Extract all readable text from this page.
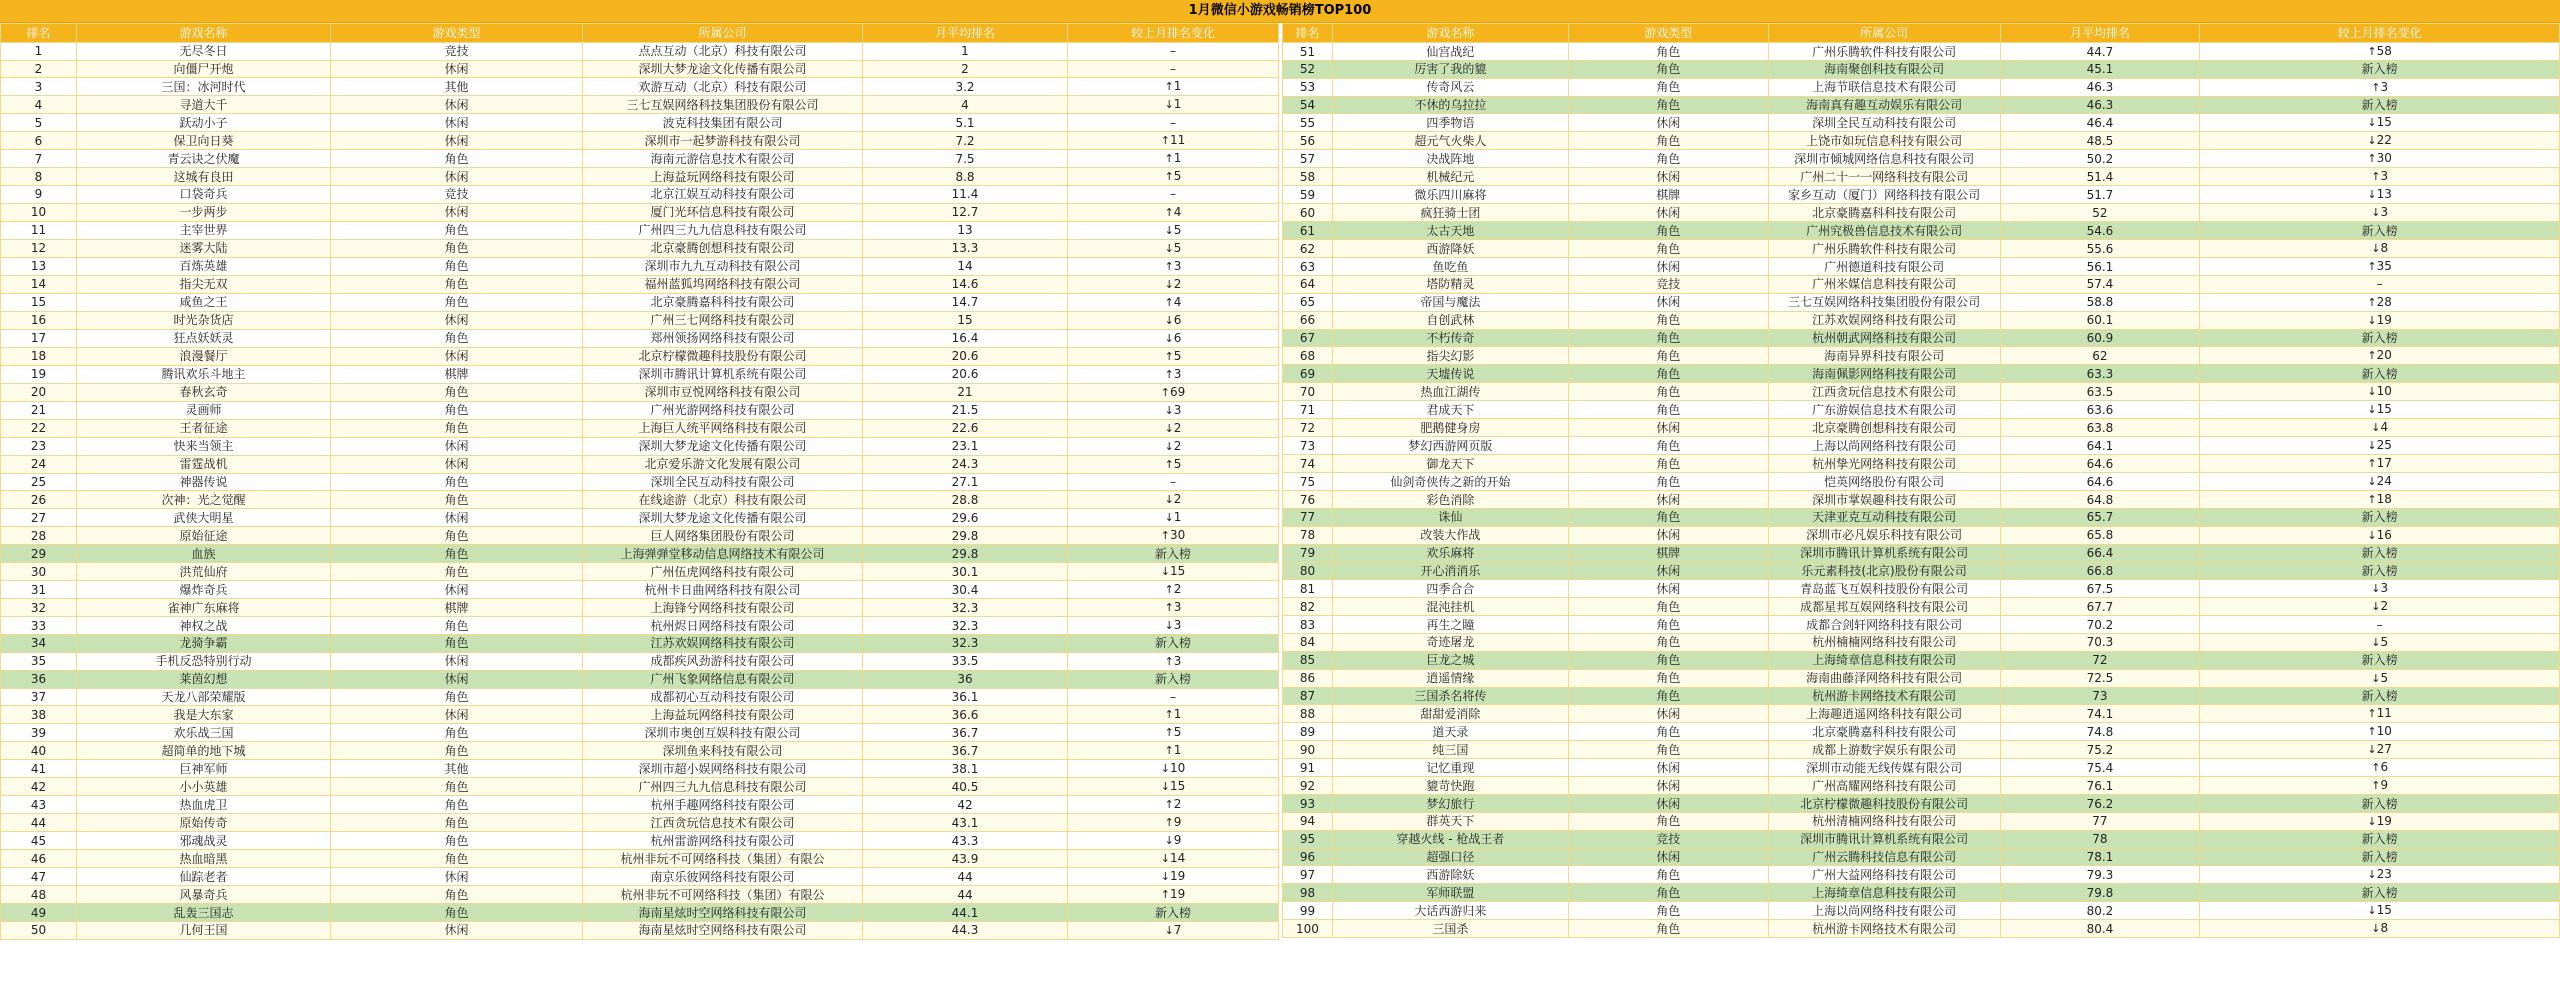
1月微信小游戏畅销榜TOP100
排名	游戏名称	游戏类型	所属公司	月平均排名	较上月排名变化
1	无尽冬日	竞技	点点互动（北京）科技有限公司	1	–
2	向僵尸开炮	休闲	深圳大梦龙途文化传播有限公司	2	–
3	三国：冰河时代	其他	欢游互动（北京）科技有限公司	3.2	↑1
4	寻道大千	休闲	三七互娱网络科技集团股份有限公司	4	↓1
5	跃动小子	休闲	波克科技集团有限公司	5.1	–
6	保卫向日葵	休闲	深圳市一起梦游科技有限公司	7.2	↑11
7	青云诀之伏魔	角色	海南元游信息技术有限公司	7.5	↑1
8	这城有良田	休闲	上海益玩网络科技有限公司	8.8	↑5
9	口袋奇兵	竞技	北京江娱互动科技有限公司	11.4	–
10	一步两步	休闲	厦门光环信息科技有限公司	12.7	↑4
11	主宰世界	角色	广州四三九九信息科技有限公司	13	↓5
12	迷雾大陆	角色	北京豪腾创想科技有限公司	13.3	↓5
13	百炼英雄	角色	深圳市九九互动科技有限公司	14	↑3
14	指尖无双	角色	福州蓝狐坞网络科技有限公司	14.6	↓2
15	咸鱼之王	角色	北京豪腾嘉科科技有限公司	14.7	↑4
16	时光杂货店	休闲	广州三七网络科技有限公司	15	↓6
17	狂点妖妖灵	角色	郑州领扬网络科技有限公司	16.4	↓6
18	浪漫餐厅	休闲	北京柠檬微趣科技股份有限公司	20.6	↑5
19	腾讯欢乐斗地主	棋牌	深圳市腾讯计算机系统有限公司	20.6	↑3
20	春秋玄奇	角色	深圳市豆悦网络科技有限公司	21	↑69
21	灵画师	角色	广州光游网络科技有限公司	21.5	↓3
22	王者征途	角色	上海巨人统平网络科技有限公司	22.6	↓2
23	快来当领主	休闲	深圳大梦龙途文化传播有限公司	23.1	↓2
24	雷霆战机	休闲	北京爱乐游文化发展有限公司	24.3	↑5
25	神器传说	角色	深圳全民互动科技有限公司	27.1	–
26	次神：光之觉醒	角色	在线途游（北京）科技有限公司	28.8	↓2
27	武侠大明星	休闲	深圳大梦龙途文化传播有限公司	29.6	↓1
28	原始征途	角色	巨人网络集团股份有限公司	29.8	↑30
29	血族	角色	上海弹弹堂移动信息网络技术有限公司	29.8	新入榜
30	洪荒仙府	角色	广州伍虎网络科技有限公司	30.1	↓15
31	爆炸奇兵	休闲	杭州卡日曲网络科技有限公司	30.4	↑2
32	雀神广东麻将	棋牌	上海锋兮网络科技有限公司	32.3	↑3
33	神权之战	角色	杭州烬日网络科技有限公司	32.3	↓3
34	龙骑争霸	角色	江苏欢娱网络科技有限公司	32.3	新入榜
35	手机反恐特别行动	休闲	成都疾风劲游科技有限公司	33.5	↑3
36	莱茵幻想	休闲	广州飞象网络信息有限公司	36	新入榜
37	天龙八部荣耀版	角色	成都初心互动科技有限公司	36.1	–
38	我是大东家	休闲	上海益玩网络科技有限公司	36.6	↑1
39	欢乐战三国	角色	深圳市奥创互娱科技有限公司	36.7	↑5
40	超简单的地下城	角色	深圳鱼来科技有限公司	36.7	↑1
41	巨神军师	其他	深圳市超小娱网络科技有限公司	38.1	↓10
42	小小英雄	角色	广州四三九九信息科技有限公司	40.5	↓15
43	热血虎卫	角色	杭州手趣网络科技有限公司	42	↑2
44	原始传奇	角色	江西贪玩信息技术有限公司	43.1	↑9
45	邪魂战灵	角色	杭州雷游网络科技有限公司	43.3	↓9
46	热血暗黑	角色	杭州非玩不可网络科技（集团）有限公	43.9	↓14
47	仙踪老者	休闲	南京乐彼网络科技有限公司	44	↓19
48	风暴奇兵	角色	杭州非玩不可网络科技（集团）有限公	44	↑19
49	乱轰三国志	角色	海南星炫时空网络科技有限公司	44.1	新入榜
50	几何王国	休闲	海南星炫时空网络科技有限公司	44.3	↓7
排名	游戏名称	游戏类型	所属公司	月平均排名	较上月排名变化
51	仙宫战纪	角色	广州乐腾软件科技有限公司	44.7	↑58
52	厉害了我的貔	角色	海南聚创科技有限公司	45.1	新入榜
53	传奇风云	角色	上海节联信息技术有限公司	46.3	↑3
54	不休的乌拉拉	角色	海南真有趣互动娱乐有限公司	46.3	新入榜
55	四季物语	休闲	深圳全民互动科技有限公司	46.4	↓15
56	超元气火柴人	角色	上饶市如玩信息科技有限公司	48.5	↓22
57	决战阵地	角色	深圳市倾城网络信息科技有限公司	50.2	↑30
58	机械纪元	休闲	广州二十一一网络科技有限公司	51.4	↑3
59	微乐四川麻将	棋牌	家乡互动（厦门）网络科技有限公司	51.7	↓13
60	疯狂骑士团	休闲	北京豪腾嘉科科技有限公司	52	↓3
61	太古天地	角色	广州究极兽信息技术有限公司	54.6	新入榜
62	西游降妖	角色	广州乐腾软件科技有限公司	55.6	↓8
63	鱼吃鱼	休闲	广州德道科技有限公司	56.1	↑35
64	塔防精灵	竞技	广州米媒信息科技有限公司	57.4	–
65	帝国与魔法	休闲	三七互娱网络科技集团股份有限公司	58.8	↑28
66	自创武林	角色	江苏欢娱网络科技有限公司	60.1	↓19
67	不朽传奇	角色	杭州朝武网络科技有限公司	60.9	新入榜
68	指尖幻影	角色	海南异界科技有限公司	62	↑20
69	天墟传说	角色	海南佩影网络科技有限公司	63.3	新入榜
70	热血江湖传	角色	江西贪玩信息技术有限公司	63.5	↓10
71	君成天下	角色	广东游娱信息技术有限公司	63.6	↓15
72	肥鹅健身房	休闲	北京豪腾创想科技有限公司	63.8	↓4
73	梦幻西游网页版	角色	上海以尚网络科技有限公司	64.1	↓25
74	御龙天下	角色	杭州挚光网络科技有限公司	64.6	↑17
75	仙剑奇侠传之新的开始	角色	恺英网络股份有限公司	64.6	↓24
76	彩色消除	休闲	深圳市掌娱趣科技有限公司	64.8	↑18
77	诛仙	角色	天津亚克互动科技有限公司	65.7	新入榜
78	改装大作战	休闲	深圳市必凡娱乐科技有限公司	65.8	↓16
79	欢乐麻将	棋牌	深圳市腾讯计算机系统有限公司	66.4	新入榜
80	开心消消乐	休闲	乐元素科技(北京)股份有限公司	66.8	新入榜
81	四季合合	休闲	青岛蓝飞互娱科技股份有限公司	67.5	↓3
82	混沌挂机	角色	成都星邦互娱网络科技有限公司	67.7	↓2
83	再生之瞳	角色	成都合剑轩网络科技有限公司	70.2	–
84	奇迹屠龙	角色	杭州楠楠网络科技有限公司	70.3	↓5
85	巨龙之城	角色	上海绮章信息科技有限公司	72	新入榜
86	逍遥情缘	角色	海南曲藤泽网络科技有限公司	72.5	↓5
87	三国杀名将传	角色	杭州游卡网络技术有限公司	73	新入榜
88	甜甜爱消除	休闲	上海趣逍遥网络科技有限公司	74.1	↑11
89	道天录	角色	北京豪腾嘉科科技有限公司	74.8	↑10
90	纯三国	角色	成都上游数字娱乐有限公司	75.2	↓27
91	记忆重现	休闲	深圳市动能无线传媒有限公司	75.4	↑6
92	貔苛快跑	休闲	广州高耀网络科技有限公司	76.1	↑9
93	梦幻旅行	休闲	北京柠檬微趣科技股份有限公司	76.2	新入榜
94	群英天下	角色	杭州清楠网络科技有限公司	77	↓19
95	穿越火线 - 枪战王者	竞技	深圳市腾讯计算机系统有限公司	78	新入榜
96	超强口径	休闲	广州云腾科技信息有限公司	78.1	新入榜
97	西游除妖	角色	广州大益网络科技有限公司	79.3	↓23
98	军师联盟	角色	上海绮章信息科技有限公司	79.8	新入榜
99	大话西游归来	角色	上海以尚网络科技有限公司	80.2	↓15
100	三国杀	角色	杭州游卡网络技术有限公司	80.4	↓8
